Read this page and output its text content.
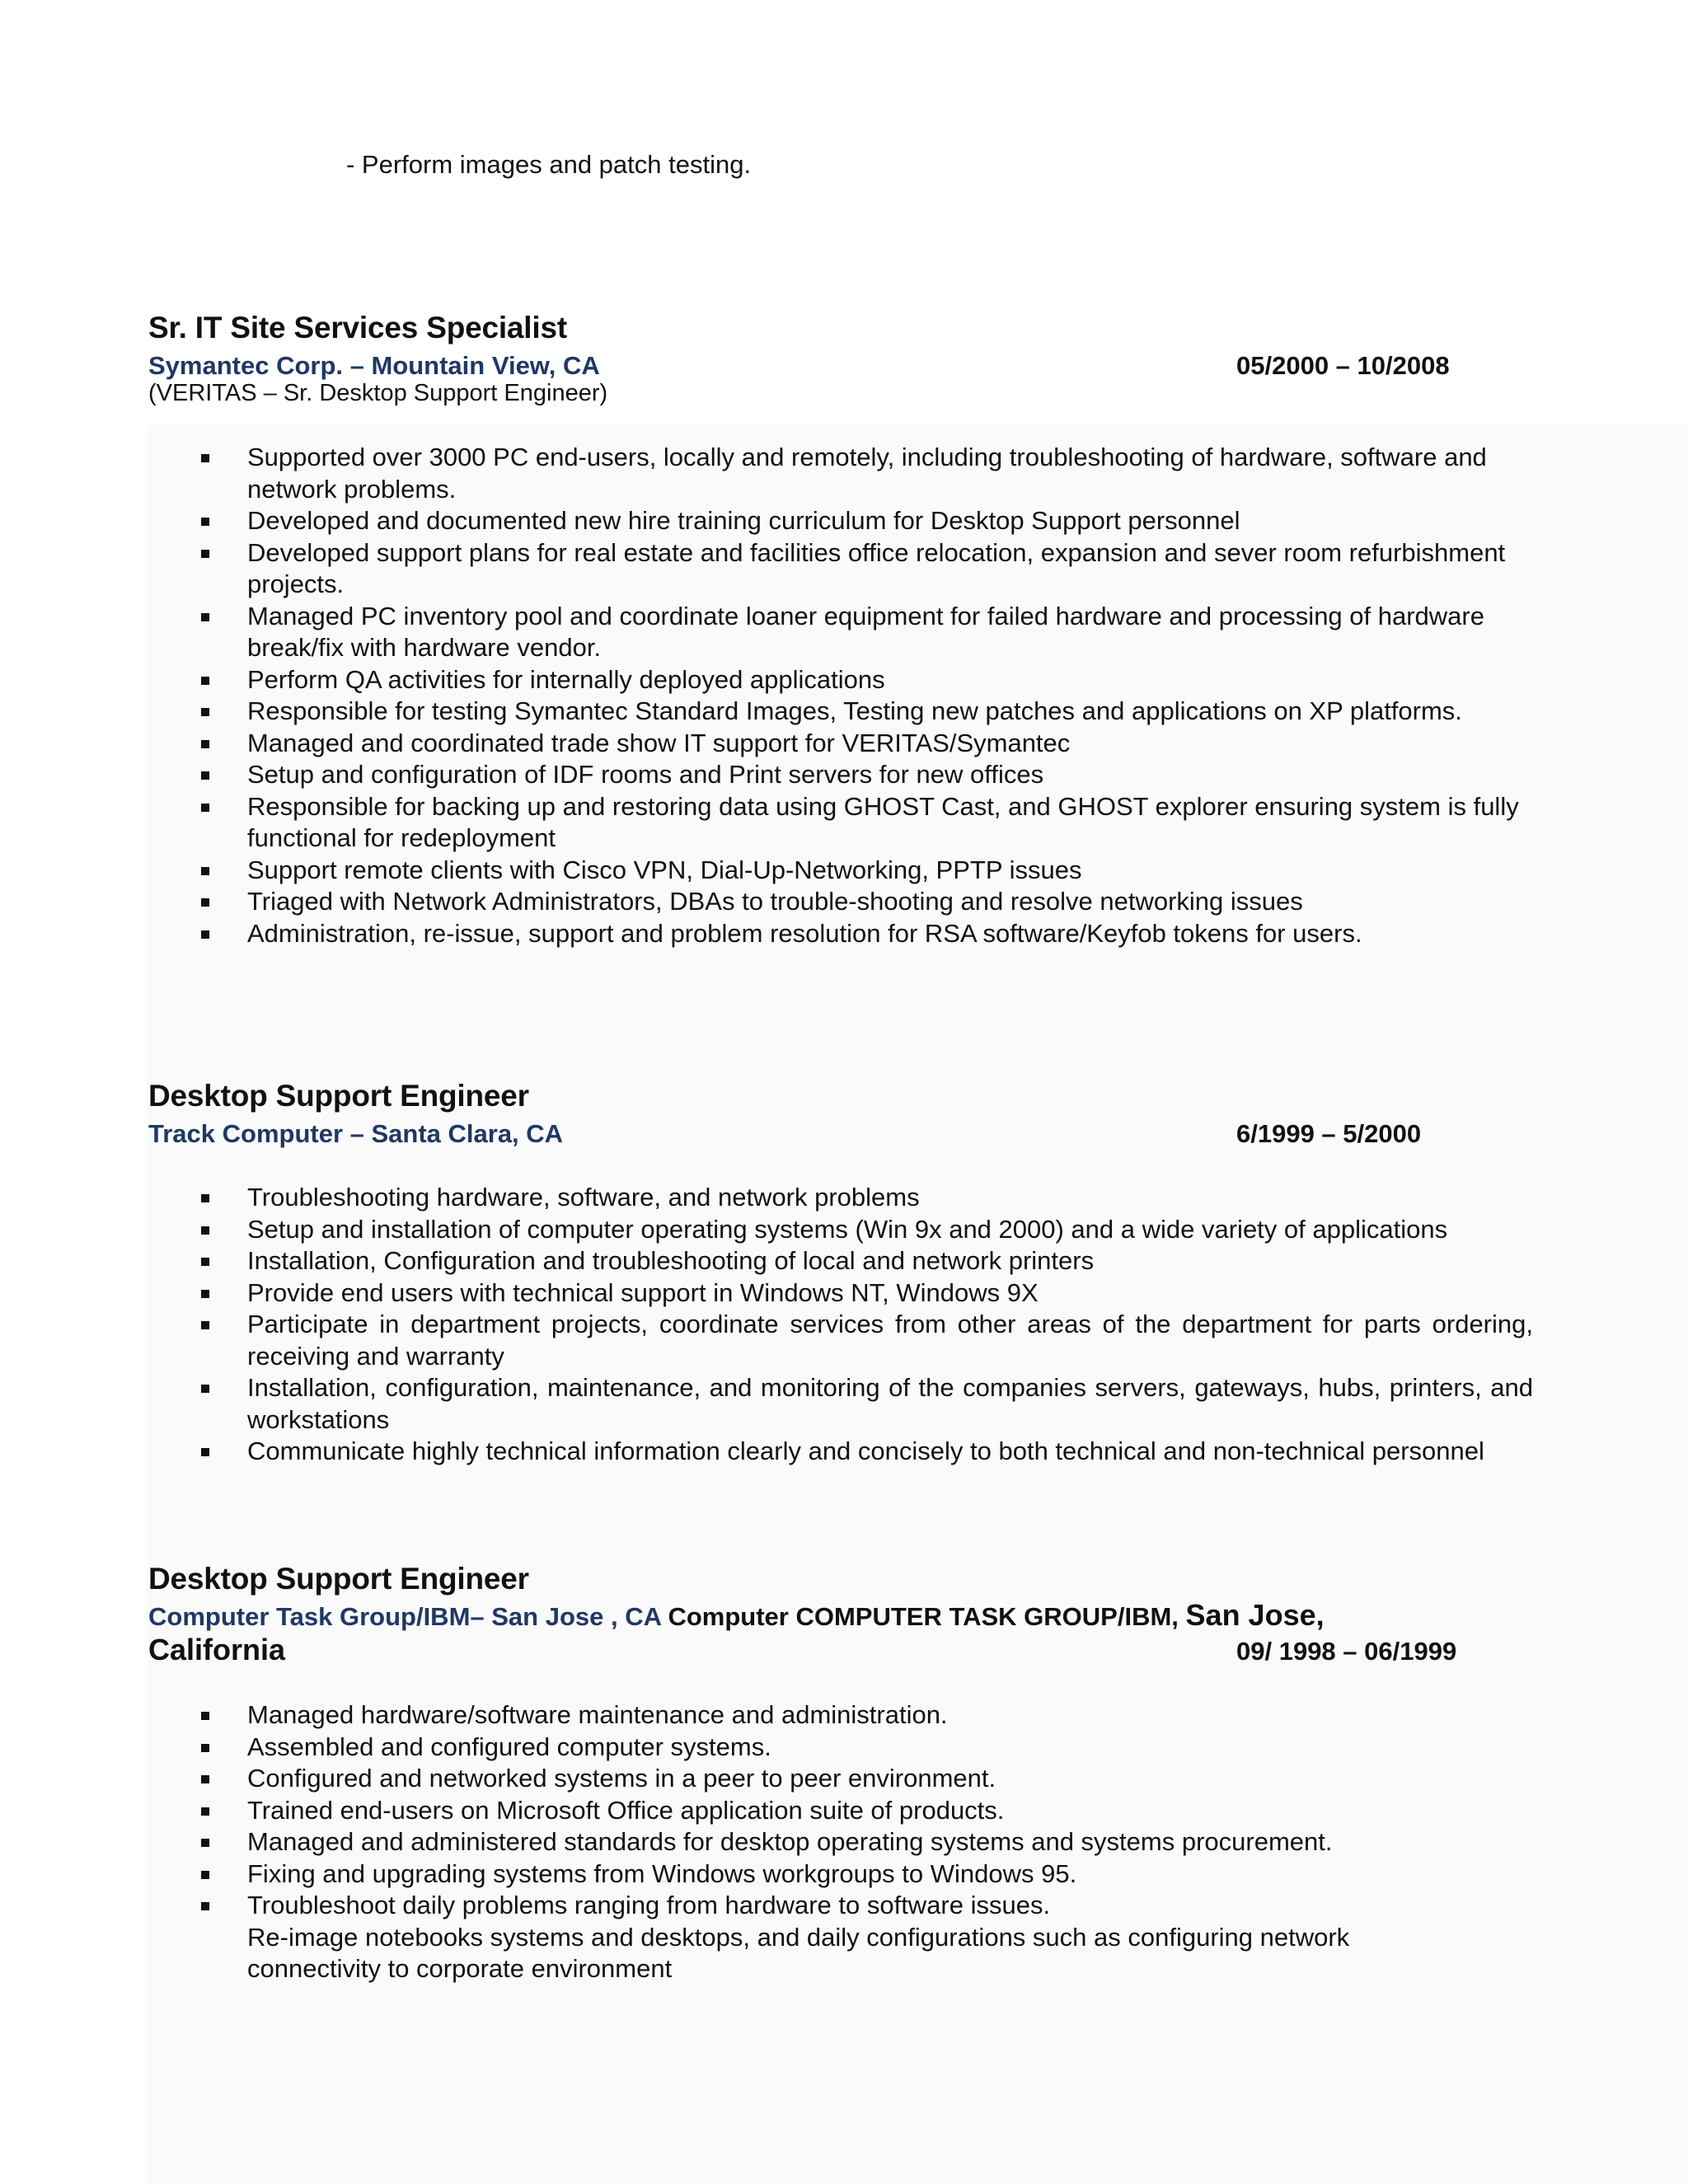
- Perform images and patch testing.
Sr. IT Site Services Specialist
Symantec Corp. – Mountain View, CA	05/2000 – 10/2008
(VERITAS – Sr. Desktop Support Engineer)
Supported over 3000 PC end-users, locally and remotely, including troubleshooting of hardware, software and network problems.
Developed and documented new hire training curriculum for Desktop Support personnel
Developed support plans for real estate and facilities office relocation, expansion and sever room refurbishment projects.
Managed PC inventory pool and coordinate loaner equipment for failed hardware and processing of hardware break/fix with hardware vendor.
Perform QA activities for internally deployed applications
Responsible for testing Symantec Standard Images, Testing new patches and applications on XP platforms.
Managed and coordinated trade show IT support for VERITAS/Symantec
Setup and configuration of IDF rooms and Print servers for new offices
Responsible for backing up and restoring data using GHOST Cast, and GHOST explorer ensuring system is fully functional for redeployment
Support remote clients with Cisco VPN, Dial-Up-Networking, PPTP issues
Triaged with Network Administrators, DBAs to trouble-shooting and resolve networking issues
Administration, re-issue, support and problem resolution for RSA software/Keyfob tokens for users.
Desktop Support Engineer
Track Computer – Santa Clara, CA	6/1999 – 5/2000
Troubleshooting hardware, software, and network problems
Setup and installation of computer operating systems (Win 9x and 2000) and a wide variety of applications
Installation, Configuration and troubleshooting of local and network printers
Provide end users with technical support in Windows NT, Windows 9X
Participate in department projects, coordinate services from other areas of the department for parts ordering, receiving and warranty
Installation, configuration, maintenance, and monitoring of the companies servers, gateways, hubs, printers, and workstations
Communicate highly technical information clearly and concisely to both technical and non-technical personnel
Desktop Support Engineer
Computer Task Group/IBM– San Jose , CA Computer COMPUTER TASK GROUP/IBM, San Jose,
California	09/ 1998 – 06/1999
Managed hardware/software maintenance and administration.
Assembled and configured computer systems.
Configured and networked systems in a peer to peer environment.
Trained end-users on Microsoft Office application suite of products.
Managed and administered standards for desktop operating systems and systems procurement.
Fixing and upgrading systems from Windows workgroups to Windows 95.
Troubleshoot daily problems ranging from hardware to software issues.
Re-image notebooks systems and desktops, and daily configurations such as configuring network
connectivity to corporate environment
